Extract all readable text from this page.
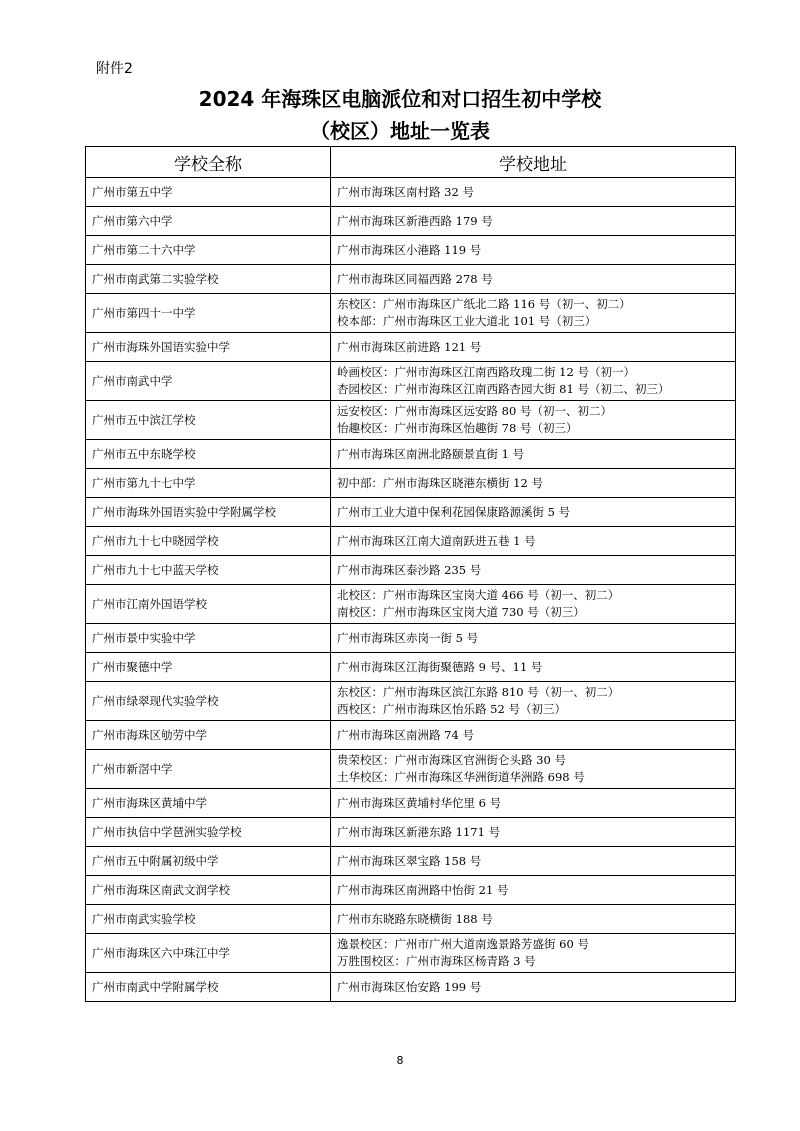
附件2
2024 年海珠区电脑派位和对口招生初中学校
（校区）地址一览表
学校全称	学校地址
广州市第五中学	广州市海珠区南村路 32 号

广州市第六中学	广州市海珠区新港西路 179 号

广州市第二十六中学	广州市海珠区小港路 119 号

广州市南武第二实验学校	广州市海珠区同福西路 278 号

广州市第四十一中学	东校区：广州市海珠区广纸北二路 116 号（初一、初二）
校本部：广州市海珠区工业大道北 101 号（初三）

广州市海珠外国语实验中学	广州市海珠区前进路 121 号

广州市南武中学	岭画校区：广州市海珠区江南西路玫瑰二街 12 号（初一）
杏园校区：广州市海珠区江南西路杏园大街 81 号（初二、初三）

广州市五中滨江学校	远安校区：广州市海珠区远安路 80 号（初一、初二）
怡趣校区：广州市海珠区怡趣街 78 号（初三）

广州市五中东晓学校	广州市海珠区南洲北路颐景直街 1 号

广州市第九十七中学	初中部：广州市海珠区晓港东横街 12 号

广州市海珠外国语实验中学附属学校	广州市工业大道中保利花园保康路源溪街 5 号

广州市九十七中晓园学校	广州市海珠区江南大道南跃进五巷 1 号

广州市九十七中蓝天学校	广州市海珠区泰沙路 235 号

广州市江南外国语学校	北校区：广州市海珠区宝岗大道 466 号（初一、初二）
南校区：广州市海珠区宝岗大道 730 号（初三）

广州市景中实验中学	广州市海珠区赤岗一街 5 号

广州市聚德中学	广州市海珠区江海街聚德路 9 号、11 号

广州市绿翠现代实验学校	东校区：广州市海珠区滨江东路 810 号（初一、初二）
西校区：广州市海珠区怡乐路 52 号（初三）

广州市海珠区劬劳中学	广州市海珠区南洲路 74 号

广州市新滘中学	贵荣校区：广州市海珠区官洲街仑头路 30 号
土华校区：广州市海珠区华洲街道华洲路 698 号

广州市海珠区黄埔中学	广州市海珠区黄埔村华佗里 6 号

广州市执信中学琶洲实验学校	广州市海珠区新港东路 1171 号

广州市五中附属初级中学	广州市海珠区翠宝路 158 号

广州市海珠区南武文润学校	广州市海珠区南洲路中怡街 21 号

广州市南武实验学校	广州市东晓路东晓横街 188 号

广州市海珠区六中珠江中学	逸景校区：广州市广州大道南逸景路芳盛街 60 号
万胜围校区：广州市海珠区杨青路 3 号

广州市南武中学附属学校	广州市海珠区怡安路 199 号
8
